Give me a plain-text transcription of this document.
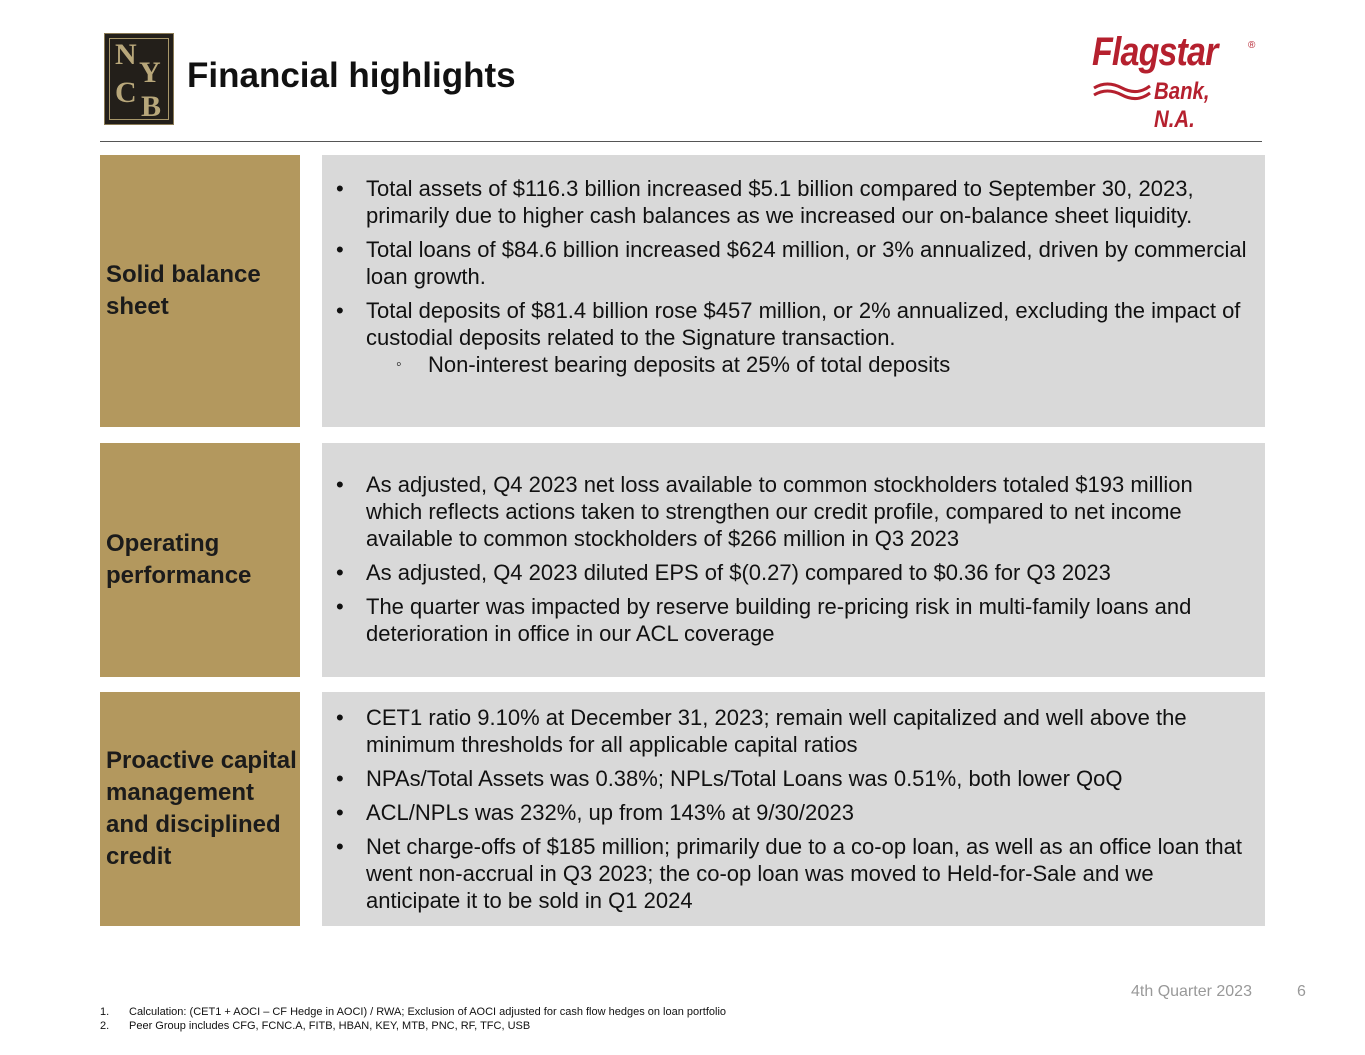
N
Y
C B
Financial highlights
Flagstar	®
Bank, N.A.
Solid balance sheet
• Total assets of $116.3 billion increased $5.1 billion compared to September 30, 2023, primarily due to higher cash balances as we increased our on-balance sheet liquidity.
• Total loans of $84.6 billion increased $624 million, or 3% annualized, driven by commercial loan growth.
• Total deposits of $81.4 billion rose $457 million, or 2% annualized, excluding the impact of custodial deposits related to the Signature transaction.
◦ Non-interest bearing deposits at 25% of total deposits
Operating performance
• As adjusted, Q4 2023 net loss available to common stockholders totaled $193 million which reflects actions taken to strengthen our credit profile, compared to net income available to common stockholders of $266 million in Q3 2023
• As adjusted, Q4 2023 diluted EPS of $(0.27) compared to $0.36 for Q3 2023
• The quarter was impacted by reserve building re-pricing risk in multi-family loans and deterioration in office in our ACL coverage
Proactive capital management and disciplined credit
• CET1 ratio 9.10% at December 31, 2023; remain well capitalized and well above the minimum thresholds for all applicable capital ratios
• NPAs/Total Assets was 0.38%; NPLs/Total Loans was 0.51%, both lower QoQ
• ACL/NPLs was 232%, up from 143% at 9/30/2023
• Net charge-offs of $185 million; primarily due to a co-op loan, as well as an office loan that went non-accrual in Q3 2023; the co-op loan was moved to Held-for-Sale and we anticipate it to be sold in Q1 2024
4th Quarter 2023	6
1. Calculation: (CET1 + AOCI – CF Hedge in AOCI) / RWA; Exclusion of AOCI adjusted for cash flow hedges on loan portfolio
2. Peer Group includes CFG, FCNC.A, FITB, HBAN, KEY, MTB, PNC, RF, TFC, USB
